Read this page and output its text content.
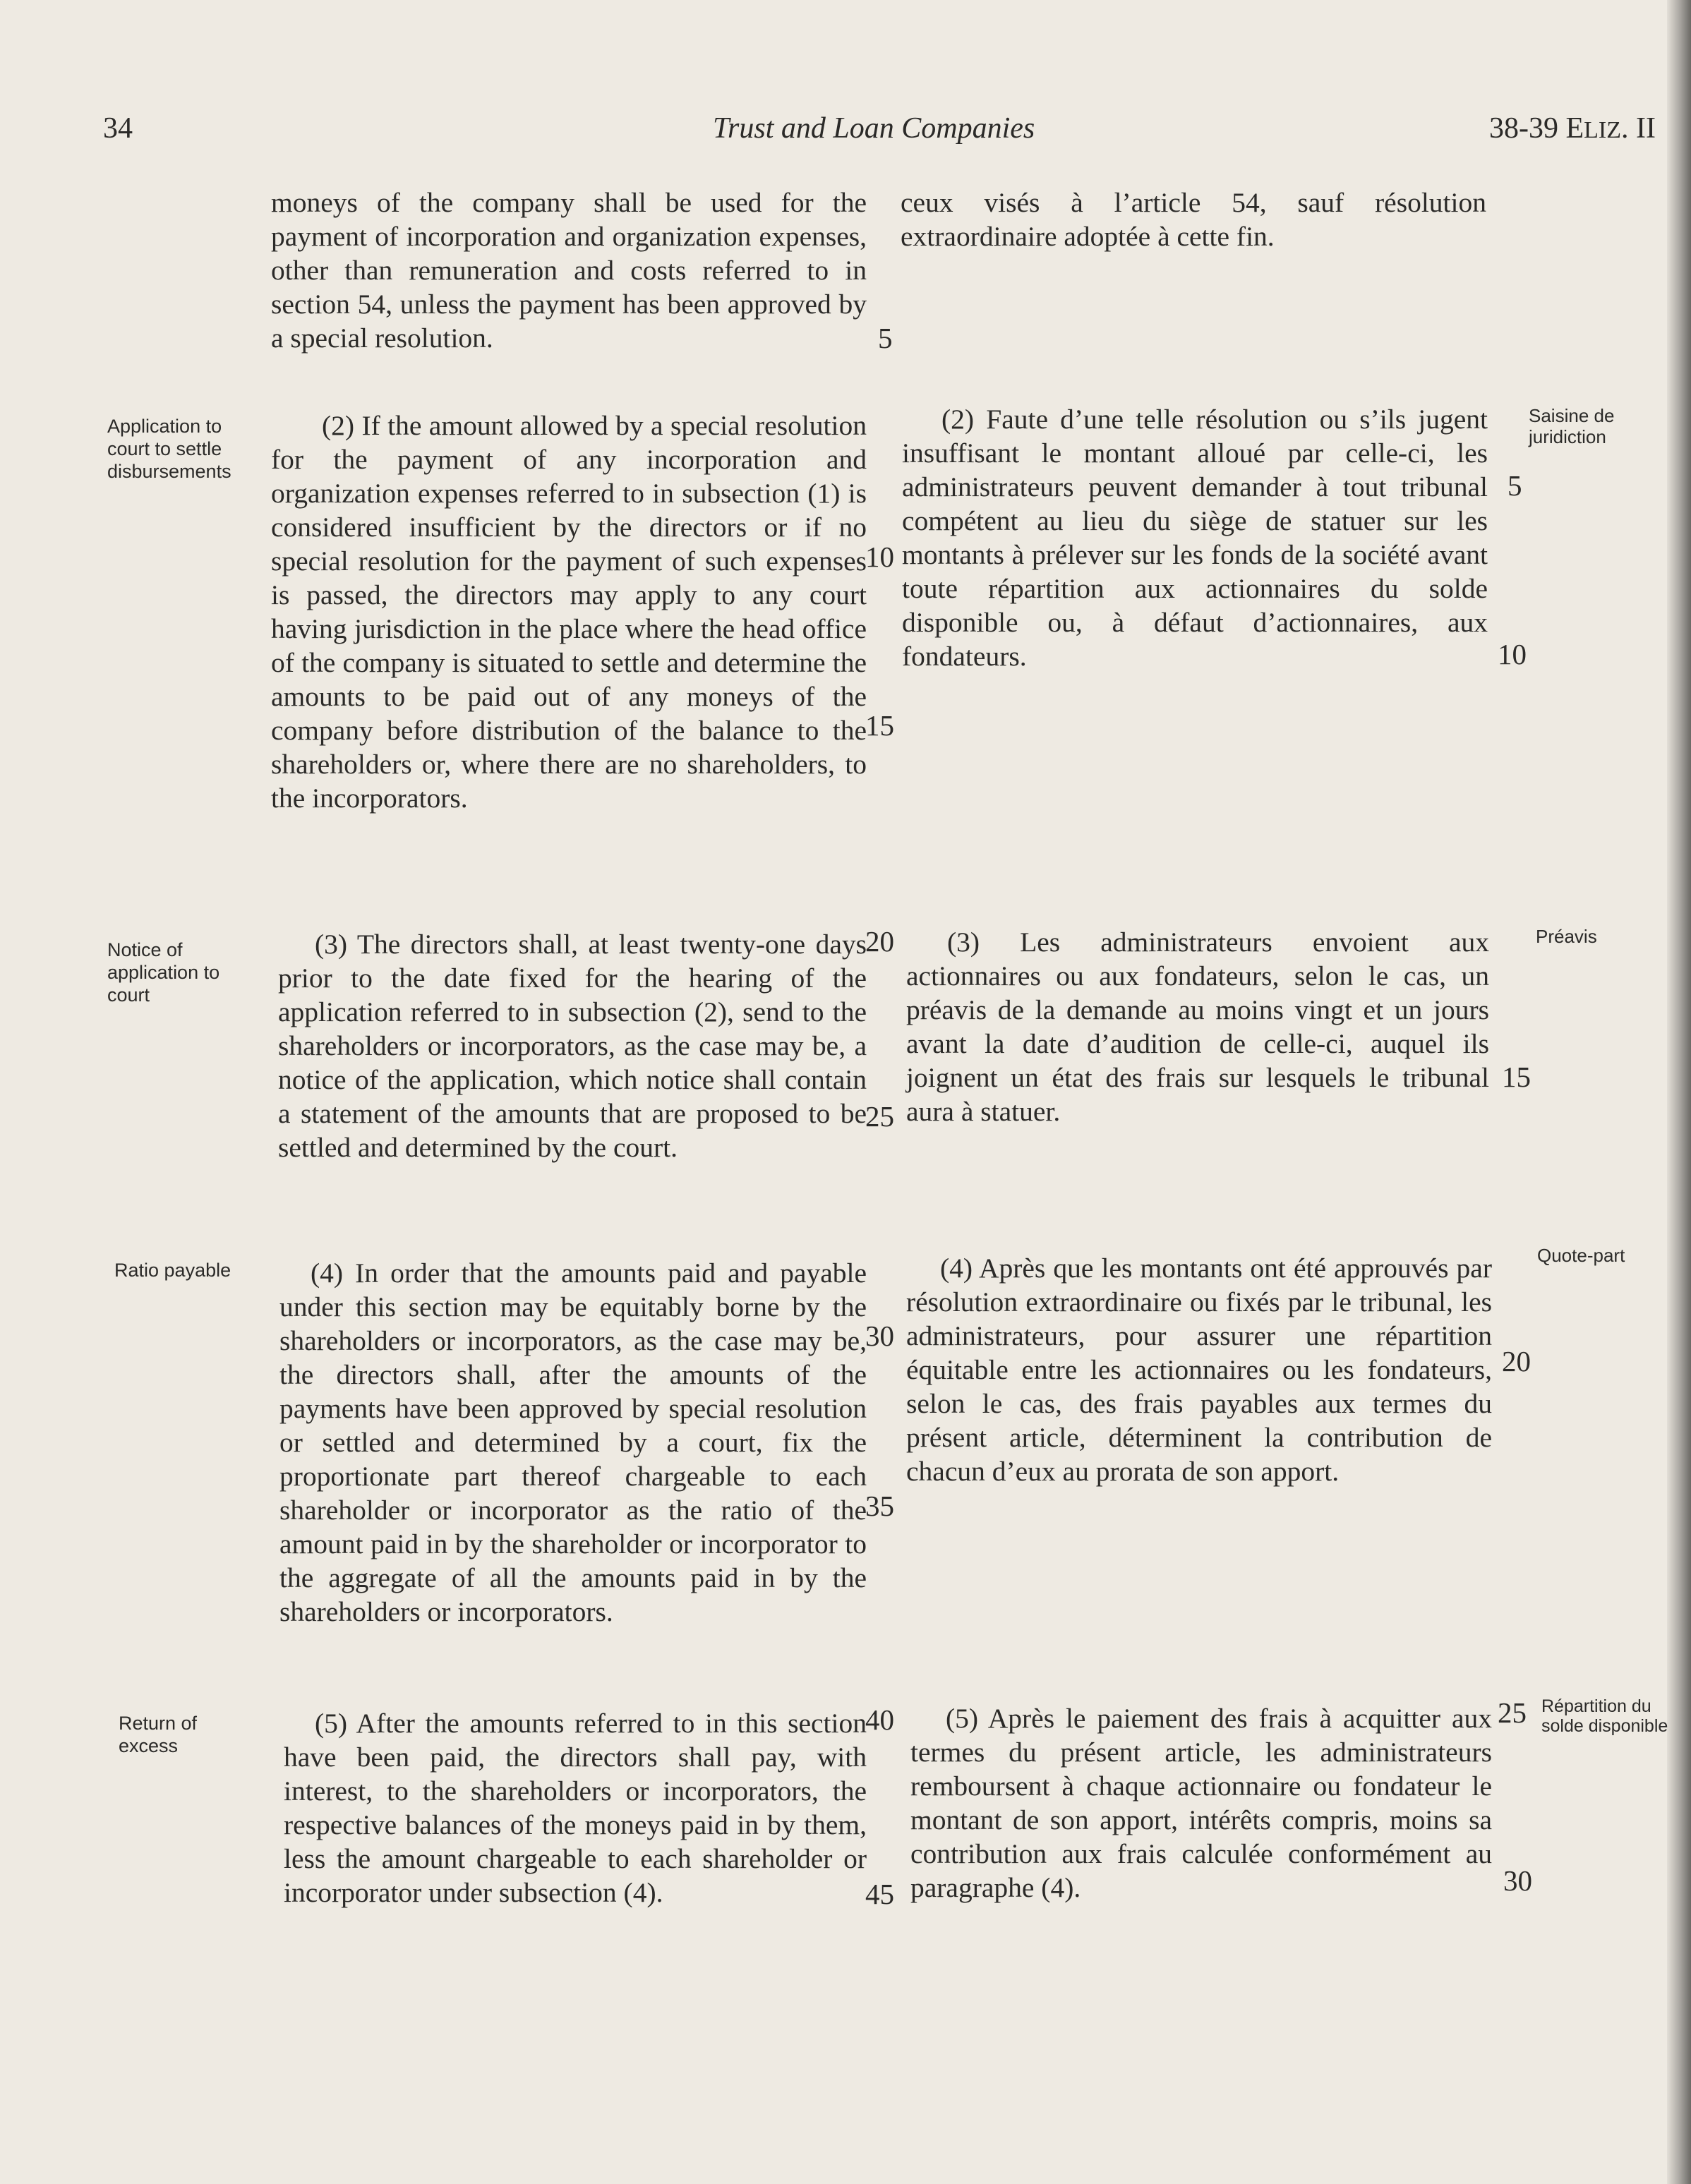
34	Trust and Loan Companies	38-39 ELIZ. II
moneys of the company shall be used for the payment of incorporation and organization expenses, other than remuneration and costs referred to in section 54, unless the payment has been approved by a special resolution.
(2) If the amount allowed by a special resolution for the payment of any incorporation and organization expenses referred to in subsection (1) is considered insufficient by the directors or if no special resolution for the payment of such expenses is passed, the directors may apply to any court having jurisdiction in the place where the head office of the company is situated to settle and determine the amounts to be paid out of any moneys of the company before distribution of the balance to the shareholders or, where there are no shareholders, to the incorporators.
(3) The directors shall, at least twenty-one days prior to the date fixed for the hearing of the application referred to in subsection (2), send to the shareholders or incorporators, as the case may be, a notice of the application, which notice shall contain a statement of the amounts that are proposed to be settled and determined by the court.
(4) In order that the amounts paid and payable under this section may be equitably borne by the shareholders or incorporators, as the case may be, the directors shall, after the amounts of the payments have been approved by special resolution or settled and determined by a court, fix the proportionate part thereof chargeable to each shareholder or incorporator as the ratio of the amount paid in by the shareholder or incorporator to the aggregate of all the amounts paid in by the shareholders or incorporators.
(5) After the amounts referred to in this section have been paid, the directors shall pay, with interest, to the shareholders or incorporators, the respective balances of the moneys paid in by them, less the amount chargeable to each shareholder or incorporator under subsection (4).
ceux visés à l’article 54, sauf résolution extraordinaire adoptée à cette fin.
(2) Faute d’une telle résolution ou s’ils jugent insuffisant le montant alloué par celle-ci, les administrateurs peuvent demander à tout tribunal compétent au lieu du siège de statuer sur les montants à prélever sur les fonds de la société avant toute répartition aux actionnaires du solde disponible ou, à défaut d’actionnaires, aux fondateurs.
(3) Les administrateurs envoient aux actionnaires ou aux fondateurs, selon le cas, un préavis de la demande au moins vingt et un jours avant la date d’audition de celle-ci, auquel ils joignent un état des frais sur lesquels le tribunal aura à statuer.
(4) Après que les montants ont été approuvés par résolution extraordinaire ou fixés par le tribunal, les administrateurs, pour assurer une répartition équitable entre les actionnaires ou les fondateurs, selon le cas, des frais payables aux termes du présent article, déterminent la contribution de chacun d’eux au prorata de son apport.
(5) Après le paiement des frais à acquitter aux termes du présent article, les administrateurs remboursent à chaque actionnaire ou fondateur le montant de son apport, intérêts compris, moins sa contribution aux frais calculée conformément au paragraphe (4).
Application to
court to settle
disbursements
Notice of
application to
court
Ratio payable
Return of
excess
Saisine de
juridiction
Préavis
Quote-part
Répartition du
solde disponible
5
10
15
20
25
30
35
40
45
5
10
15
20
25
30
